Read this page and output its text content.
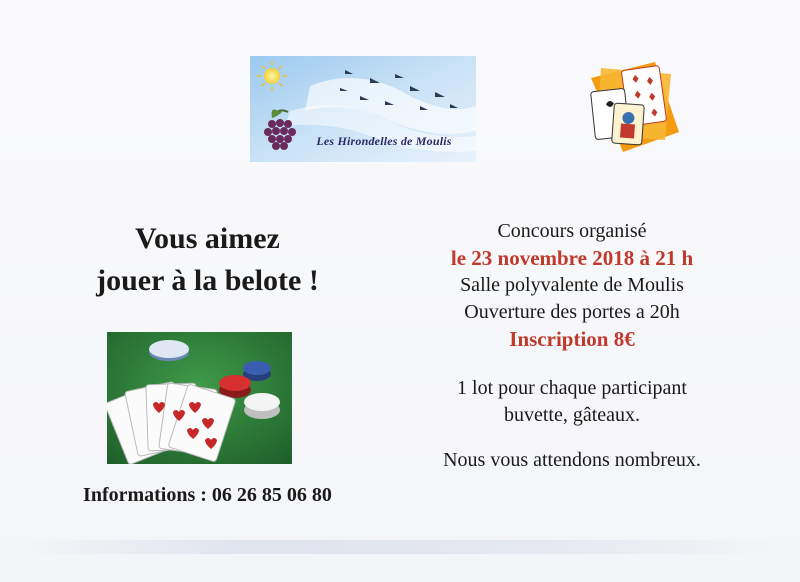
Les Hirondelles de Moulis
Vous aimez
jouer à la belote !
Informations : 06 26 85 06 80
Concours organisé
le 23 novembre 2018 à 21 h
Salle polyvalente de Moulis
Ouverture des portes a 20h
Inscription 8€
1 lot pour chaque participant
buvette, gâteaux.
Nous vous attendons nombreux.
